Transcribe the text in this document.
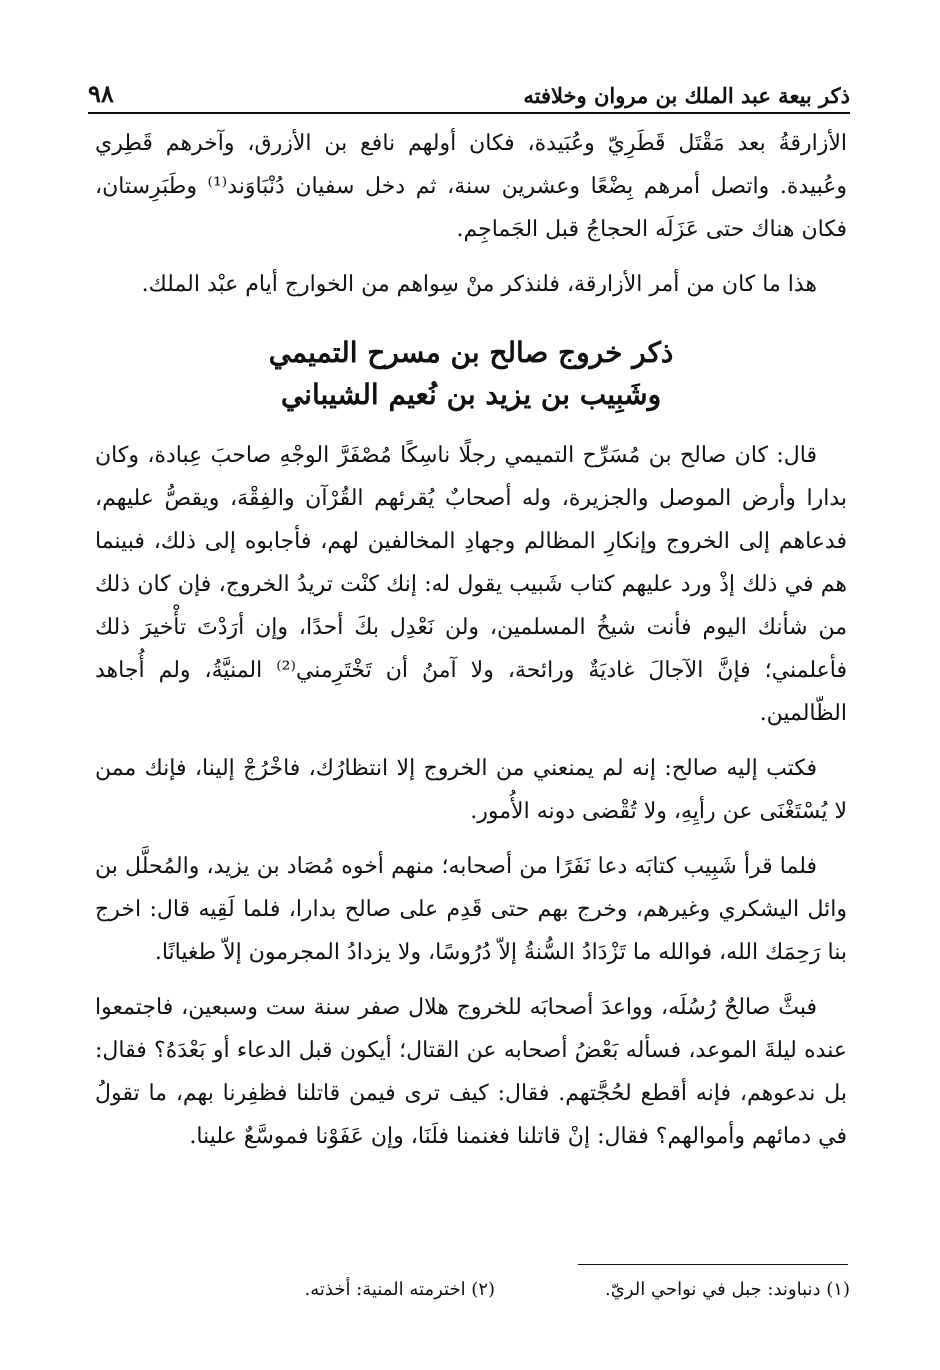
٩٨	ذكر بيعة عبد الملك بن مروان وخلافته

الأزارقةُ بعد مَقْتَل قَطَرِيّ وعُبَيدة، فكان أولهم نافع بن الأزرق، وآخرهم قَطِري وعُبيدة. واتصل أمرهم بِضْعًا وعشرين سنة، ثم دخل سفيان دُنْبَاوَند⁽¹⁾ وطَبَرِستان، فكان هناك حتى عَزَلَه الحجاجُ قبل الجَماجِم.

هذا ما كان من أمر الأزارقة، فلنذكر منْ سِواهم من الخوارج أيام عبْد الملك.

ذكر خروج صالح بن مسرح التميمي
وشَبِيب بن يزيد بن نُعيم الشيباني

قال: كان صالح بن مُسَرِّح التميمي رجلًا ناسِكًا مُصْفَرَّ الوجْهِ صاحبَ عِبادة، وكان بدارا وأرض الموصل والجزيرة، وله أصحابٌ يُقرئهم القُرْآن والفِقْهَ، ويقصُّ عليهم، فدعاهم إلى الخروج وإنكارِ المظالم وجهادِ المخالفين لهم، فأجابوه إلى ذلك، فبينما هم في ذلك إذْ ورد عليهم كتاب شَبيب يقول له: إنك كنْت تريدُ الخروج، فإن كان ذلك من شأنك اليوم فأنت شيخُ المسلمين، ولن نَعْدِل بكَ أحدًا، وإن أرَدْتَ تأْخيرَ ذلك فأعلمني؛ فإنَّ الآجالَ غاديَةٌ ورائحة، ولا آمنُ أن تَخْتَرِمني⁽²⁾ المنيَّةُ، ولم أُجاهد الظّالمين.

فكتب إليه صالح: إنه لم يمنعني من الخروج إلا انتظارُك، فاخْرُجْ إلينا، فإنك ممن لا يُسْتَغْنَى عن رأيِهِ، ولا تُقْضى دونه الأُمور.

فلما قرأ شَبِيب كتابَه دعا نَفَرًا من أصحابه؛ منهم أخوه مُصَاد بن يزيد، والمُحلَّل بن وائل اليشكري وغيرهم، وخرج بهم حتى قَدِم على صالح بدارا، فلما لَقِيه قال: اخرج بنا رَحِمَك الله، فوالله ما تَزْدَادُ السُّنةُ إلاّ دُرُوسًا، ولا يزدادُ المجرمون إلاّ طغيانًا.

فبثَّ صالحٌ رُسُلَه، وواعدَ أصحابَه للخروج هلال صفر سنة ست وسبعين، فاجتمعوا عنده ليلةَ الموعد، فسأله بَعْضُ أصحابه عن القتال؛ أيكون قبل الدعاء أو بَعْدَهُ؟ فقال: بل ندعوهم، فإنه أقطع لحُجَّتهم. فقال: كيف ترى فيمن قاتلنا فظفِرنا بهم، ما تقولُ في دمائهم وأموالهم؟ فقال: إنْ قاتلنا فغنمنا فلَنَا، وإن عَفَوْنا فموسَّعٌ علينا.

(١) دنباوند: جبل في نواحي الريّ.
(٢) اخترمته المنية: أخذته.
